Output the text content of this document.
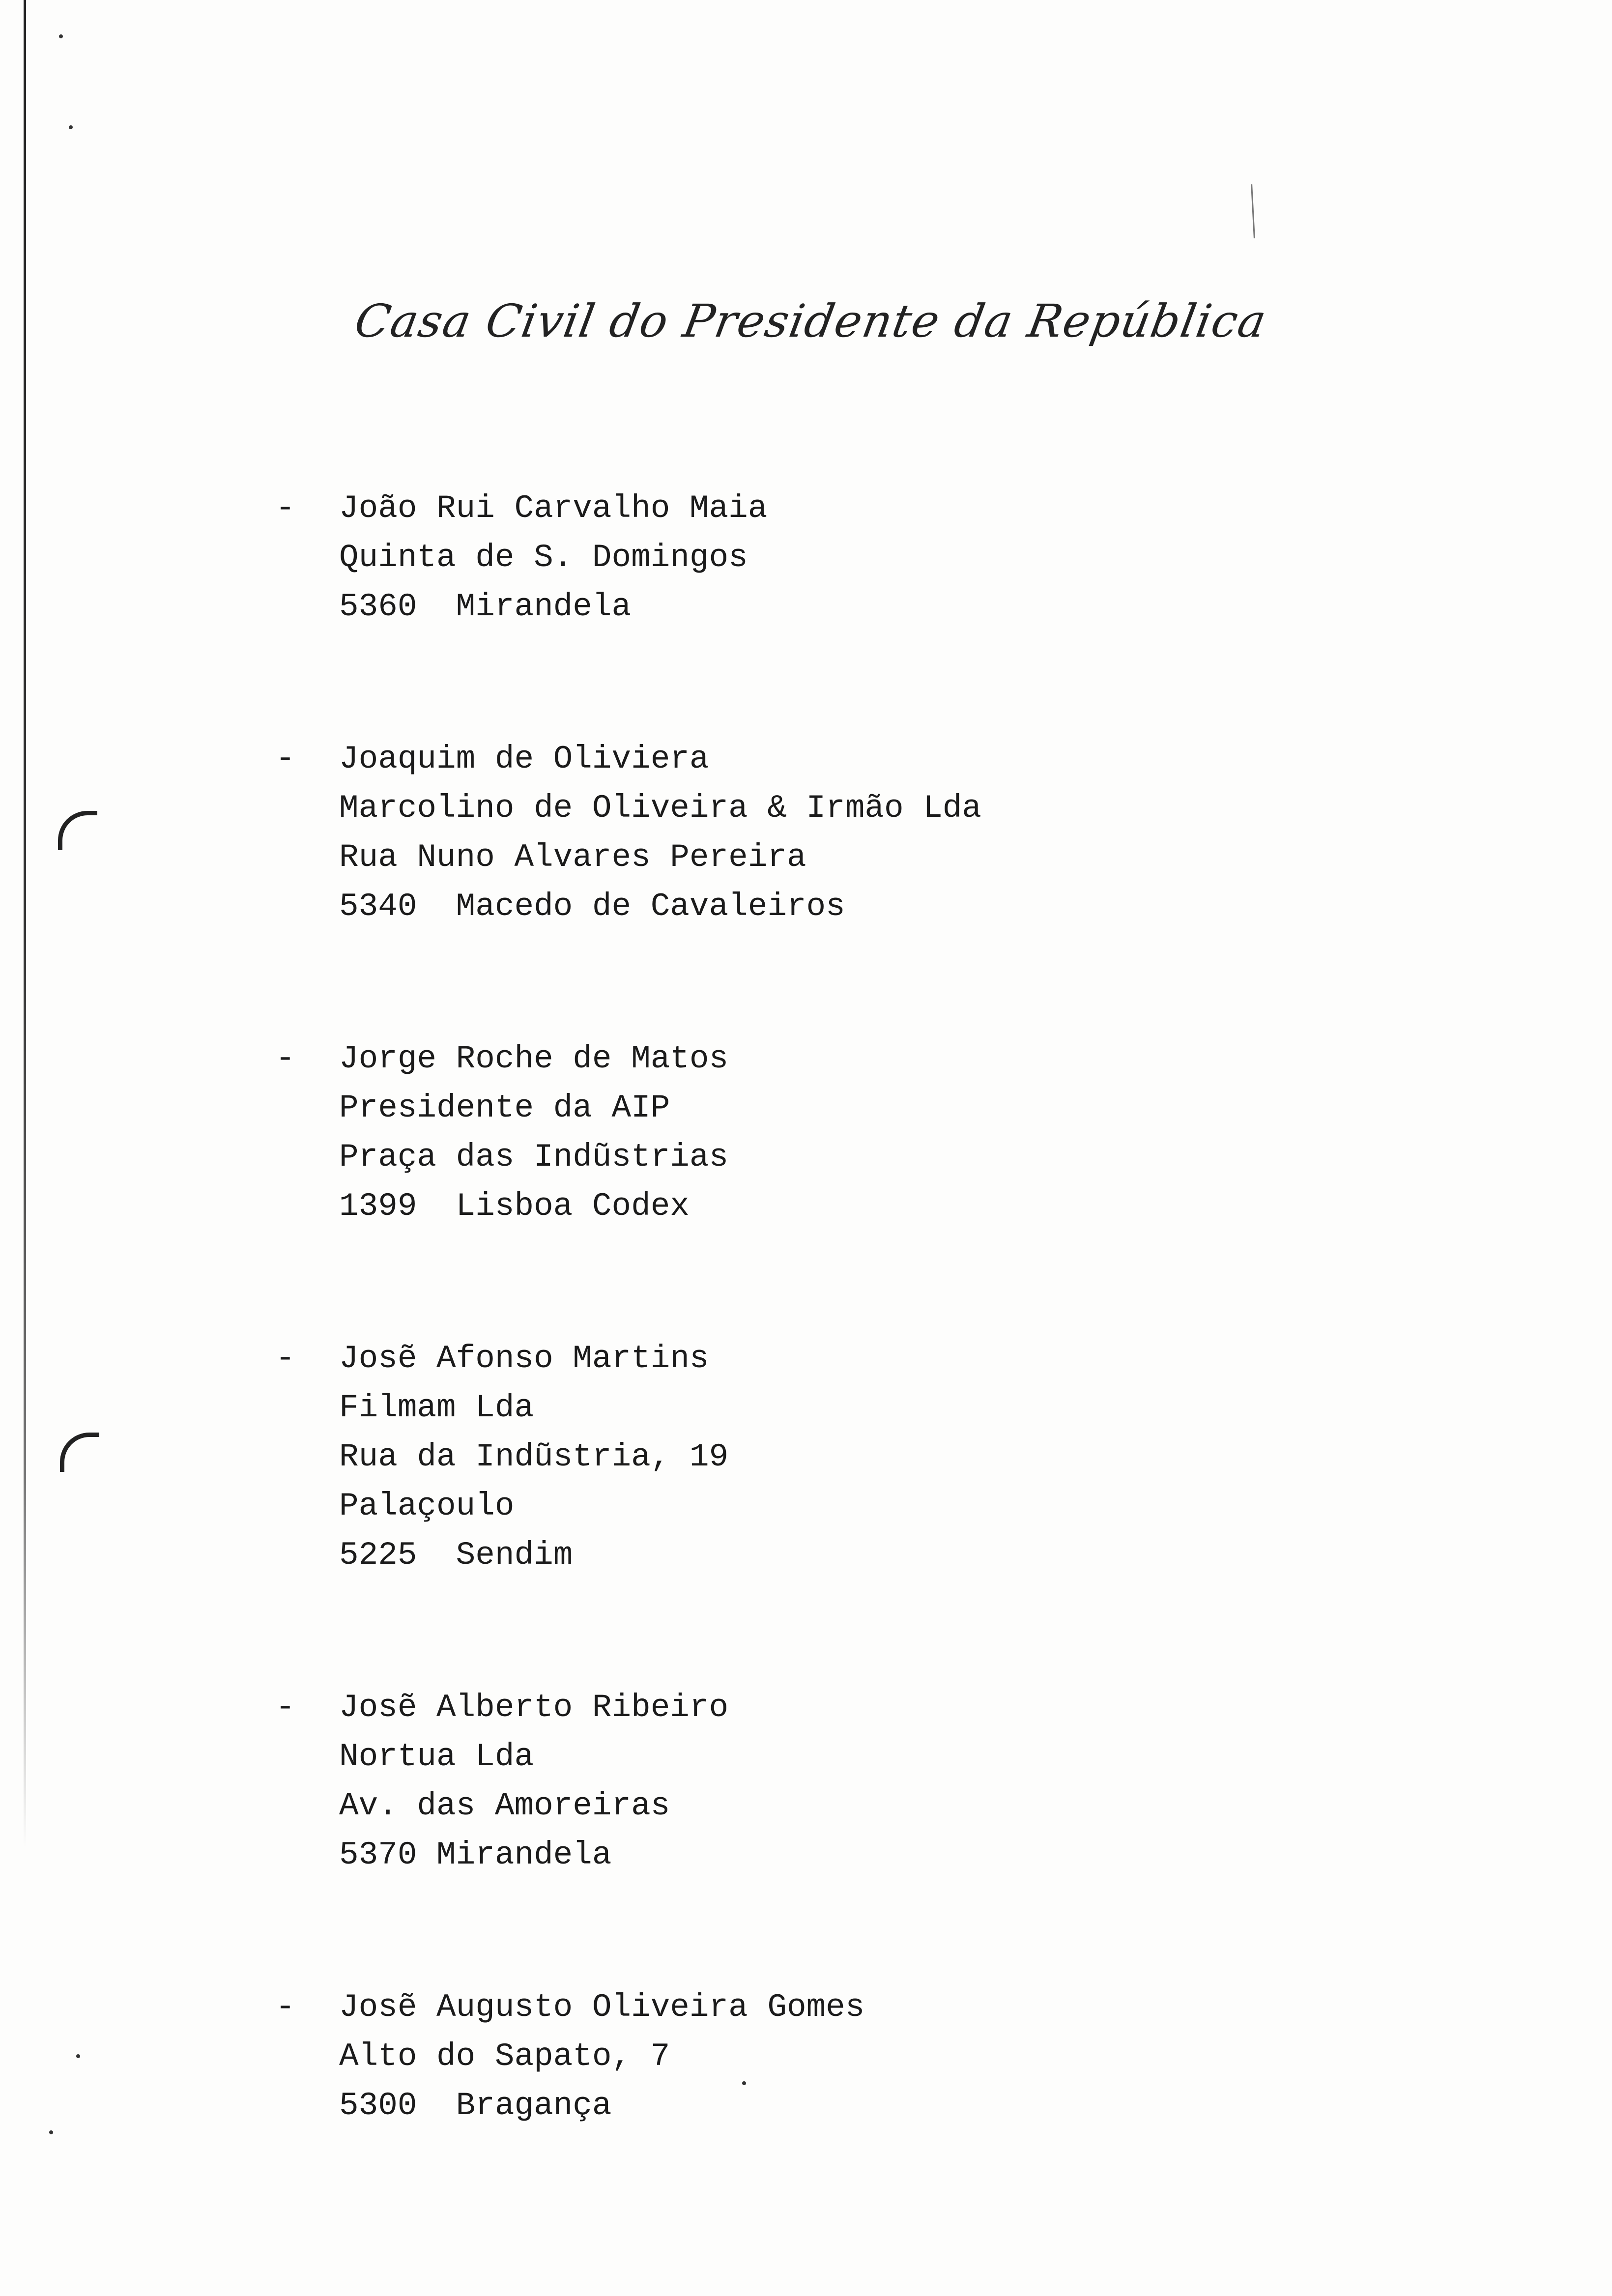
Casa Civil do Presidente da República
- João Rui Carvalho Maia
Quinta de S. Domingos
5360  Mirandela
- Joaquim de Oliviera
Marcolino de Oliveira & Irmão Lda
Rua Nuno Alvares Pereira
5340  Macedo de Cavaleiros
- Jorge Roche de Matos
Presidente da AIP
Praça das Indũstrias
1399  Lisboa Codex
- Josẽ Afonso Martins
Filmam Lda
Rua da Indũstria, 19
Palaçoulo
5225  Sendim
- Josẽ Alberto Ribeiro
Nortua Lda
Av. das Amoreiras
5370 Mirandela
- Josẽ Augusto Oliveira Gomes
Alto do Sapato, 7
5300  Bragança
